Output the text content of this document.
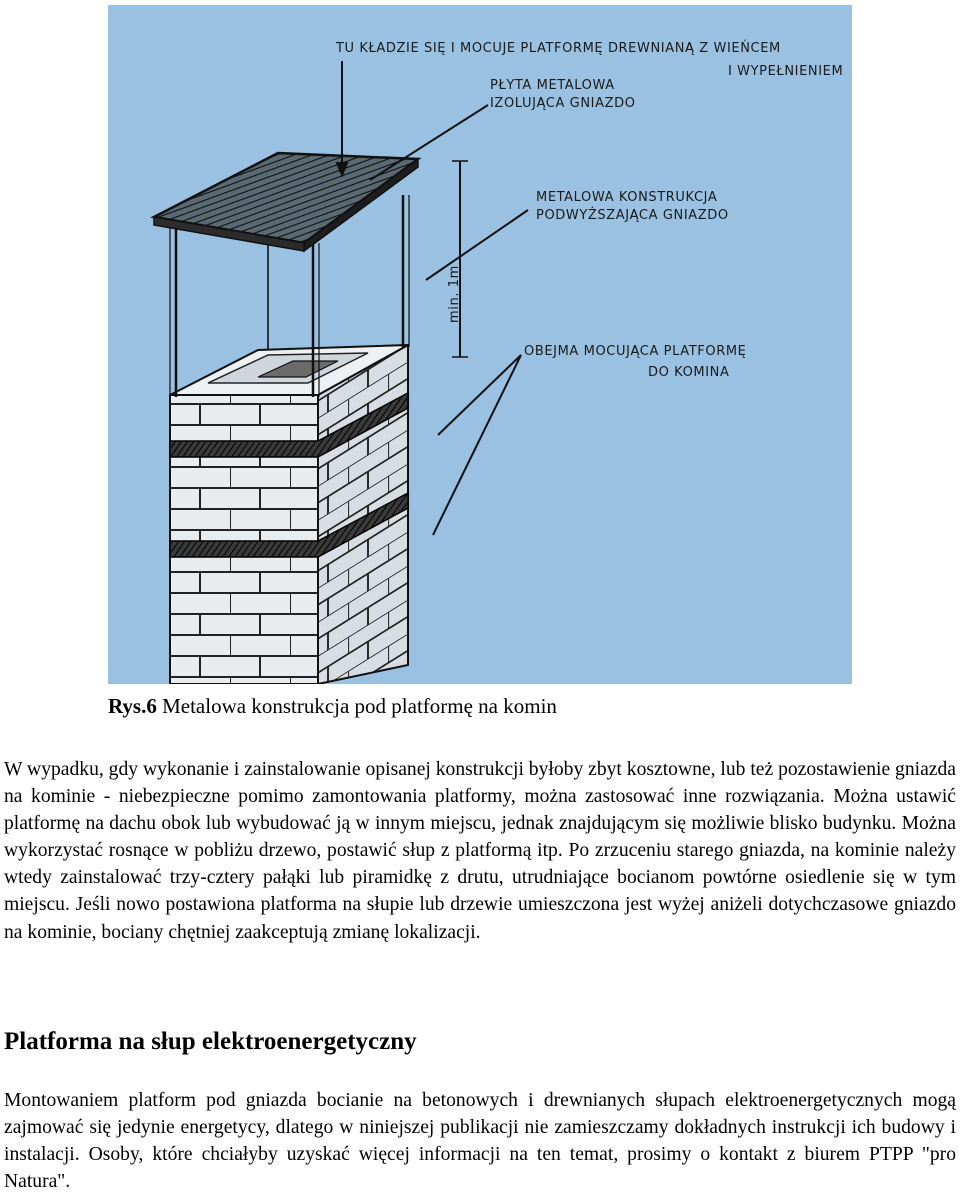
TU KŁADZIE SIĘ I MOCUJE PLATFORMĘ DREWNIANĄ Z WIEŃCEM
I WYPEŁNIENIEM
PŁYTA METALOWA
IZOLUJĄCA GNIAZDO
METALOWA KONSTRUKCJA
PODWYŻSZAJĄCA GNIAZDO
min. 1m
OBEJMA MOCUJĄCA PLATFORMĘ
DO KOMINA
Rys.6 Metalowa konstrukcja pod platformę na komin

W wypadku, gdy wykonanie i zainstalowanie opisanej konstrukcji byłoby zbyt kosztowne, lub też pozostawienie gniazda na kominie - niebezpieczne pomimo zamontowania platformy, można zastosować inne rozwiązania. Można ustawić platformę na dachu obok lub wybudować ją w innym miejscu, jednak znajdującym się możliwie blisko budynku. Można wykorzystać rosnące w pobliżu drzewo, postawić słup z platformą itp. Po zrzuceniu starego gniazda, na kominie należy wtedy zainstalować trzy-cztery pałąki lub piramidkę z drutu, utrudniające bocianom powtórne osiedlenie się w tym miejscu. Jeśli nowo postawiona platforma na słupie lub drzewie umieszczona jest wyżej aniżeli dotychczasowe gniazdo na kominie, bociany chętniej zaakceptują zmianę lokalizacji.

Platforma na słup elektroenergetyczny

Montowaniem platform pod gniazda bocianie na betonowych i drewnianych słupach elektroenergetycznych mogą zajmować się jedynie energetycy, dlatego w niniejszej publikacji nie zamieszczamy dokładnych instrukcji ich budowy i instalacji. Osoby, które chciałyby uzyskać więcej informacji na ten temat, prosimy o kontakt z biurem PTPP "pro Natura".
